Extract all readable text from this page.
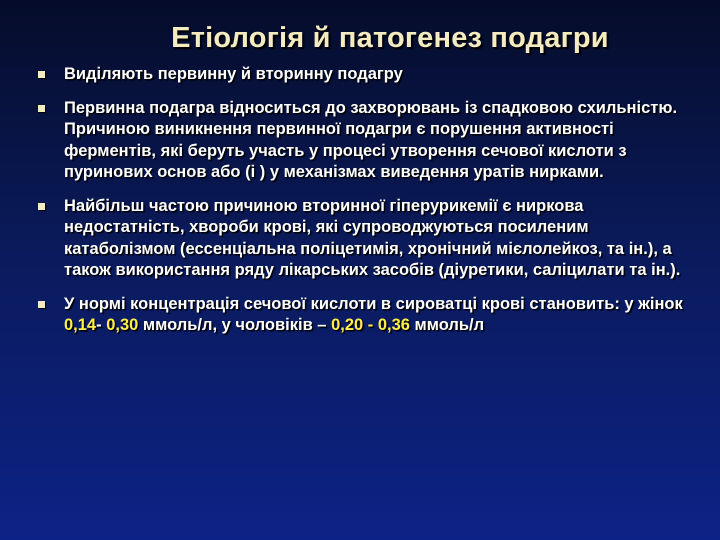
Етіологія й патогенез подагри
Виділяють первинну й вторинну подагру
Первинна подагра відноситься до захворювань із спадковою схильністю. Причиною виникнення первинної подагри є порушення активності ферментів, які беруть участь у процесі утворення сечової кислоти з пуринових основ або (і ) у механізмах виведення уратів нирками.
Найбільш частою причиною вторинної гіперурикемії є ниркова недостатність, хвороби крові, які супроводжуються посиленим катаболізмом (ессенціальна поліцетимія, хронічний мієлолейкоз, та ін.), а також використання ряду лікарських засобів (діуретики, саліцилати та ін.).
У нормі концентрація сечової кислоти в сироватці крові становить: у жінок 0,14- 0,30 ммоль/л, у чоловіків – 0,20 - 0,36 ммоль/л
